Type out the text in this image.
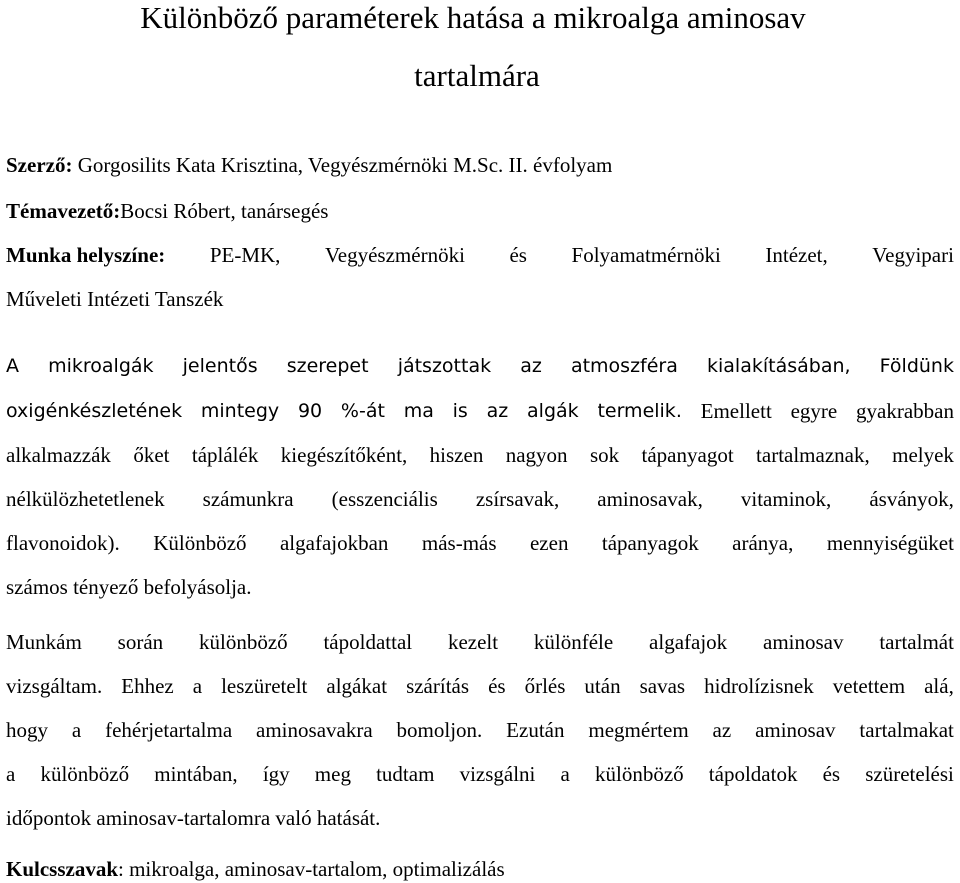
Különböző paraméterek hatása a mikroalga aminosav
tartalmára
Szerző: Gorgosilits Kata Krisztina, Vegyészmérnöki M.Sc. II. évfolyam
Témavezető:Bocsi Róbert, tanársegés
Munka helyszíne: PE-MK, Vegyészmérnöki és Folyamatmérnöki Intézet, Vegyipari
Műveleti Intézeti Tanszék
A mikroalgák jelentős szerepet játszottak az atmoszféra kialakításában, Földünk
oxigénkészletének mintegy 90 %-át ma is az algák termelik. Emellett egyre gyakrabban
alkalmazzák őket táplálék kiegészítőként, hiszen nagyon sok tápanyagot tartalmaznak, melyek
nélkülözhetetlenek számunkra (esszenciális zsírsavak, aminosavak, vitaminok, ásványok,
flavonoidok). Különböző algafajokban más-más ezen tápanyagok aránya, mennyiségüket
számos tényező befolyásolja.
Munkám során különböző tápoldattal kezelt különféle algafajok aminosav tartalmát
vizsgáltam. Ehhez a leszüretelt algákat szárítás és őrlés után savas hidrolízisnek vetettem alá,
hogy a fehérjetartalma aminosavakra bomoljon. Ezután megmértem az aminosav tartalmakat
a különböző mintában, így meg tudtam vizsgálni a különböző tápoldatok és szüretelési
időpontok aminosav-tartalomra való hatását.
Kulcsszavak: mikroalga, aminosav-tartalom, optimalizálás
